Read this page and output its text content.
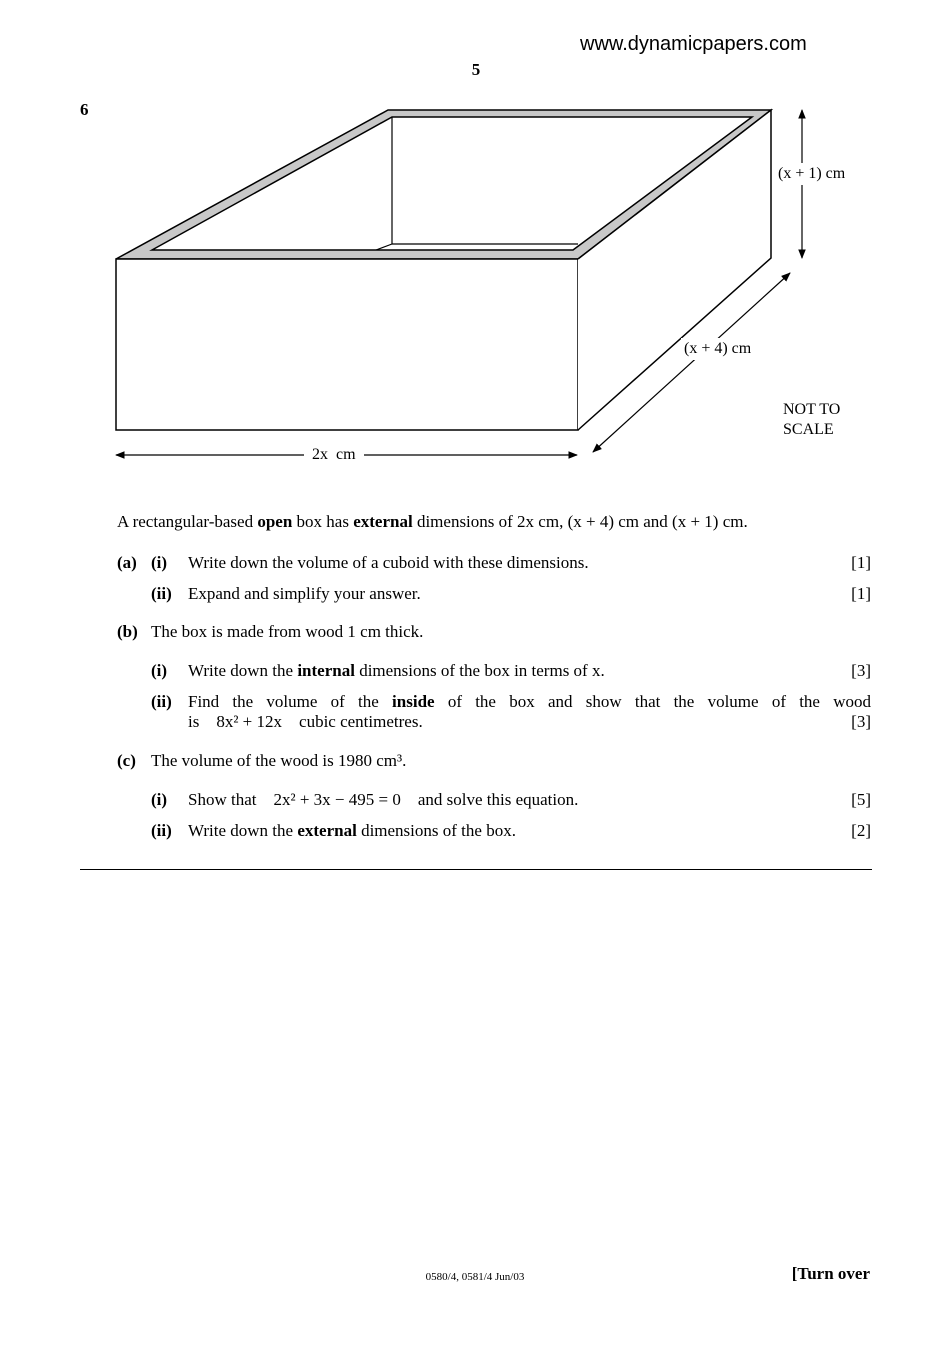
www.dynamicpapers.com
5
6
(x + 1) cm
(x + 4) cm
2x  cm
NOT TO
SCALE
A rectangular-based open box has external dimensions of 2x cm, (x + 4) cm and (x + 1) cm.
(a) (i) Write down the volume of a cuboid with these dimensions.	[1]
(ii) Expand and simplify your answer.	[1]
(b) The box is made from wood 1 cm thick.
(i) Write down the internal dimensions of the box in terms of x.	[3]
(ii) Find the volume of the inside of the box and show that the volume of the wood
is    8x² + 12x    cubic centimetres.	[3]
(c) The volume of the wood is 1980 cm³.
(i) Show that    2x² + 3x − 495 = 0    and solve this equation.	[5]
(ii) Write down the external dimensions of the box.	[2]
0580/4, 0581/4 Jun/03	[Turn over
